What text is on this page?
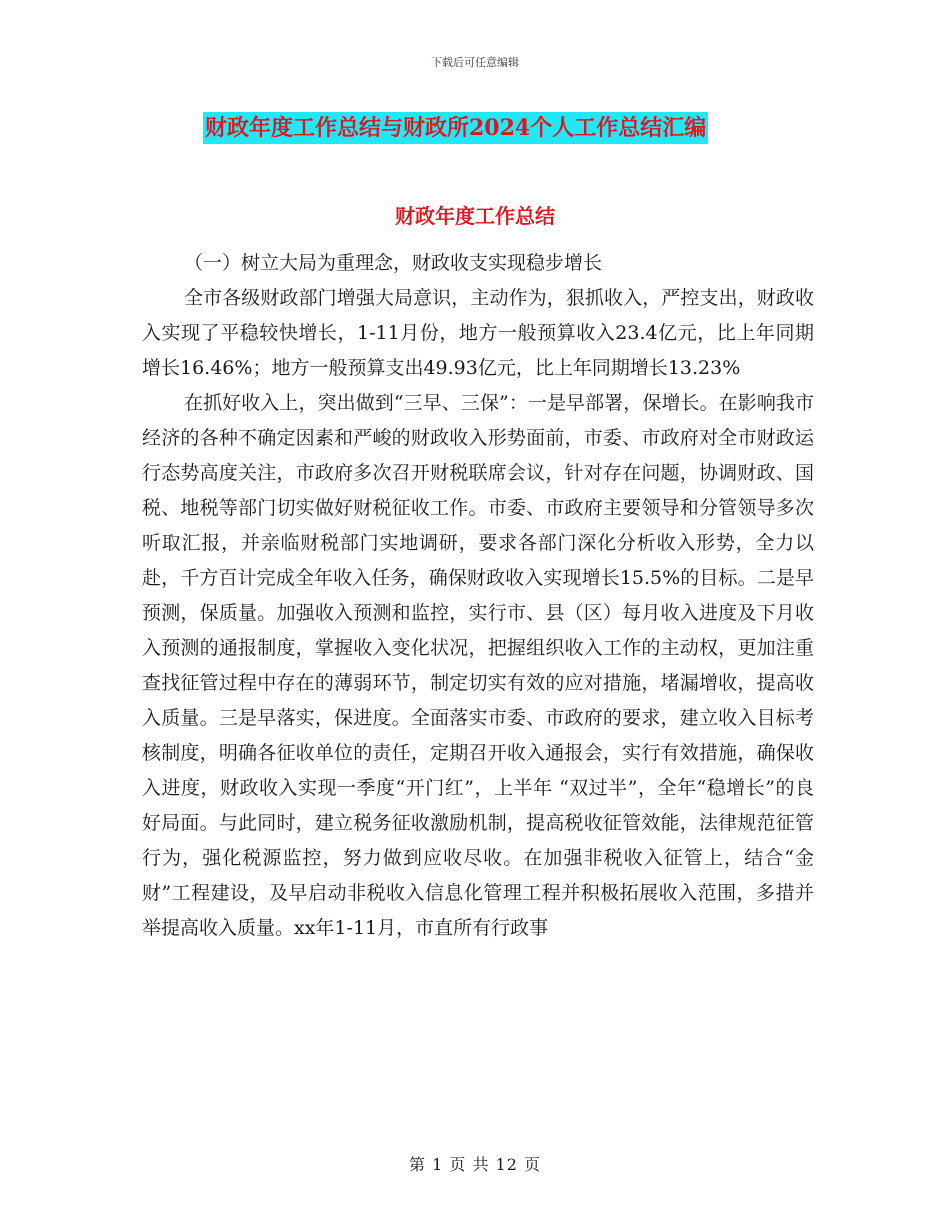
下载后可任意编辑
财政年度工作总结与财政所2024个人工作总结汇编
财政年度工作总结

（一）树立大局为重理念，财政收支实现稳步增长

全市各级财政部门增强大局意识，主动作为，狠抓收入，严控支出，财政收入实现了平稳较快增长，1-11月份，地方一般预算收入23.4亿元，比上年同期增长16.46%；地方一般预算支出49.93亿元，比上年同期增长13.23%

在抓好收入上，突出做到“三早、三保”：一是早部署，保增长。在影响我市经济的各种不确定因素和严峻的财政收入形势面前，市委、市政府对全市财政运行态势高度关注，市政府多次召开财税联席会议，针对存在问题，协调财政、国税、地税等部门切实做好财税征收工作。市委、市政府主要领导和分管领导多次听取汇报，并亲临财税部门实地调研，要求各部门深化分析收入形势，全力以赴，千方百计完成全年收入任务，确保财政收入实现增长15.5%的目标。二是早预测，保质量。加强收入预测和监控，实行市、县（区）每月收入进度及下月收入预测的通报制度，掌握收入变化状况，把握组织收入工作的主动权，更加注重查找征管过程中存在的薄弱环节，制定切实有效的应对措施，堵漏增收，提高收入质量。三是早落实，保进度。全面落实市委、市政府的要求，建立收入目标考核制度，明确各征收单位的责任，定期召开收入通报会，实行有效措施，确保收入进度，财政收入实现一季度“开门红”，上半年 “双过半”，全年“稳增长”的良好局面。与此同时，建立税务征收激励机制，提高税收征管效能，法律规范征管行为，强化税源监控，努力做到应收尽收。在加强非税收入征管上，结合“金财”工程建设，及早启动非税收入信息化管理工程并积极拓展收入范围，多措并举提高收入质量。xx年1-11月，市直所有行政事

第 1 页 共 12 页
